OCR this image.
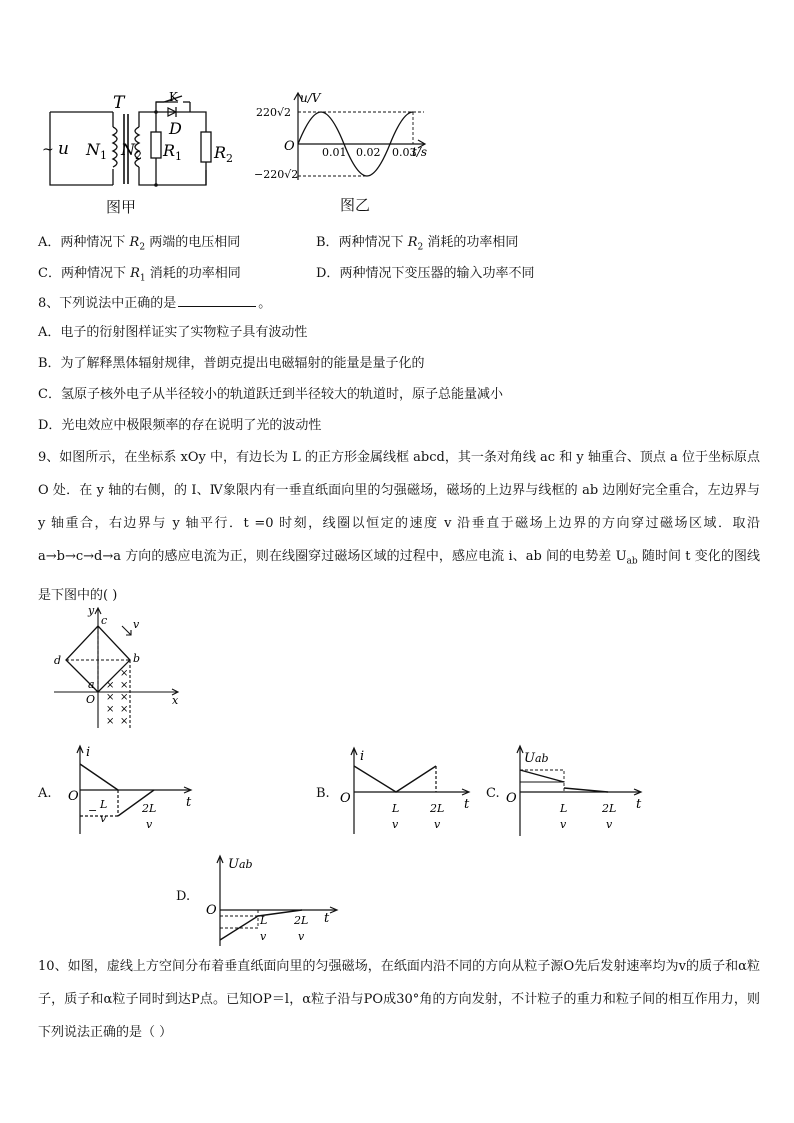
~ u
T	K
D
$N_1$ $N_2$ $R_1$ $R_2$
图甲
u/V
t/s
O
220√2
−220√2
0.01 0.02 0.03
图乙
A．两种情况下 $R_2$ 两端的电压相同	B．两种情况下 $R_2$ 消耗的功率相同
C．两种情况下 $R_1$ 消耗的功率相同	D．两种情况下变压器的输入功率不同
8、下列说法中正确的是	。
A．电子的衍射图样证实了实物粒子具有波动性
B．为了解释黑体辐射规律，普朗克提出电磁辐射的能量是量子化的
C．氢原子核外电子从半径较小的轨道跃迁到半径较大的轨道时，原子总能量减小
D．光电效应中极限频率的存在说明了光的波动性
9、如图所示，在坐标系 xOy 中，有边长为 L 的正方形金属线框 abcd，其一条对角线 ac 和 y 轴重合、顶点 a 位于坐标原点 O 处．在 y 轴的右侧，的 I、Ⅳ象限内有一垂直纸面向里的匀强磁场，磁场的上边界与线框的 ab 边刚好完全重合，左边界与 y 轴重合，右边界与 y 轴平行．t =0 时刻，线圈以恒定的速度 v 沿垂直于磁场上边界的方向穿过磁场区域．取沿 a→b→c→d→a 方向的感应电流为正，则在线圈穿过磁场区域的过程中，感应电流 i、ab 间的电势差 $U_{ab}$ 随时间 t 变化的图线是下图中的( )
y
x
O
a
b
c
d
v
×
× ×
× ×
× ×
× ×
A.
i
O	t
− L
v
2L
v
B.
i
O	t
L
v
2L
v
C.
Uab
O	t
L
v
2L
v
D.
Uab
O
t
L
v
2L
v
10、如图，虚线上方空间分布着垂直纸面向里的匀强磁场，在纸面内沿不同的方向从粒子源O先后发射速率均为v的质子和α粒子，质子和α粒子同时到达P点。已知OP＝l，α粒子沿与PO成30°角的方向发射，不计粒子的重力和粒子间的相互作用力，则下列说法正确的是（ ）
